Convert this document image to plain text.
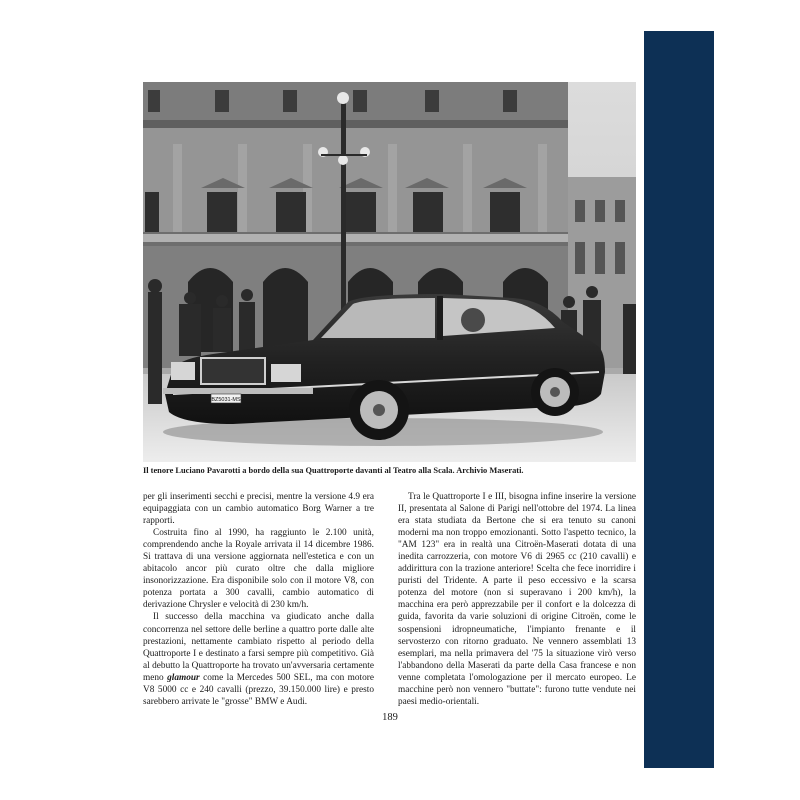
BZ5031-MS
Il tenore Luciano Pavarotti a bordo della sua Quattroporte davanti al Teatro alla Scala. Archivio Maserati.

per gli inserimenti secchi e precisi, mentre la versione 4.9 era equipaggiata con un cambio automatico Borg Warner a tre rapporti.

Costruita fino al 1990, ha raggiunto le 2.100 unità, comprendendo anche la Royale arrivata il 14 dicembre 1986. Si trattava di una versione aggiornata nell'estetica e con un abitacolo ancor più curato oltre che dalla migliore insonorizzazione. Era disponibile solo con il motore V8, con potenza portata a 300 cavalli, cambio automatico di derivazione Chrysler e velocità di 230 km/h.

Il successo della macchina va giudicato anche dalla concorrenza nel settore delle berline a quattro porte dalle alte prestazioni, nettamente cambiato rispetto al periodo della Quattroporte I e destinato a farsi sempre più competitivo. Già al debutto la Quattroporte ha trovato un'avversaria certamente meno glamour come la Mercedes 500 SEL, ma con motore V8 5000 cc e 240 cavalli (prezzo, 39.150.000 lire) e presto sarebbero arrivate le "grosse" BMW e Audi.

Tra le Quattroporte I e III, bisogna infine inserire la versione II, presentata al Salone di Parigi nell'ottobre del 1974. La linea era stata studiata da Bertone che si era tenuto su canoni moderni ma non troppo emozionanti. Sotto l'aspetto tecnico, la "AM 123" era in realtà una Citroën-Maserati dotata di una inedita carrozzeria, con motore V6 di 2965 cc (210 cavalli) e addirittura con la trazione anteriore! Scelta che fece inorridire i puristi del Tridente. A parte il peso eccessivo e la scarsa potenza del motore (non si superavano i 200 km/h), la macchina era però apprezzabile per il confort e la dolcezza di guida, favorita da varie soluzioni di origine Citroën, come le sospensioni idropneumatiche, l'impianto frenante e il servosterzo con ritorno graduato. Ne vennero assemblati 13 esemplari, ma nella primavera del '75 la situazione virò verso l'abbandono della Maserati da parte della Casa francese e non venne completata l'omologazione per il mercato europeo. Le macchine però non vennero "buttate": furono tutte vendute nei paesi medio-orientali.

189
